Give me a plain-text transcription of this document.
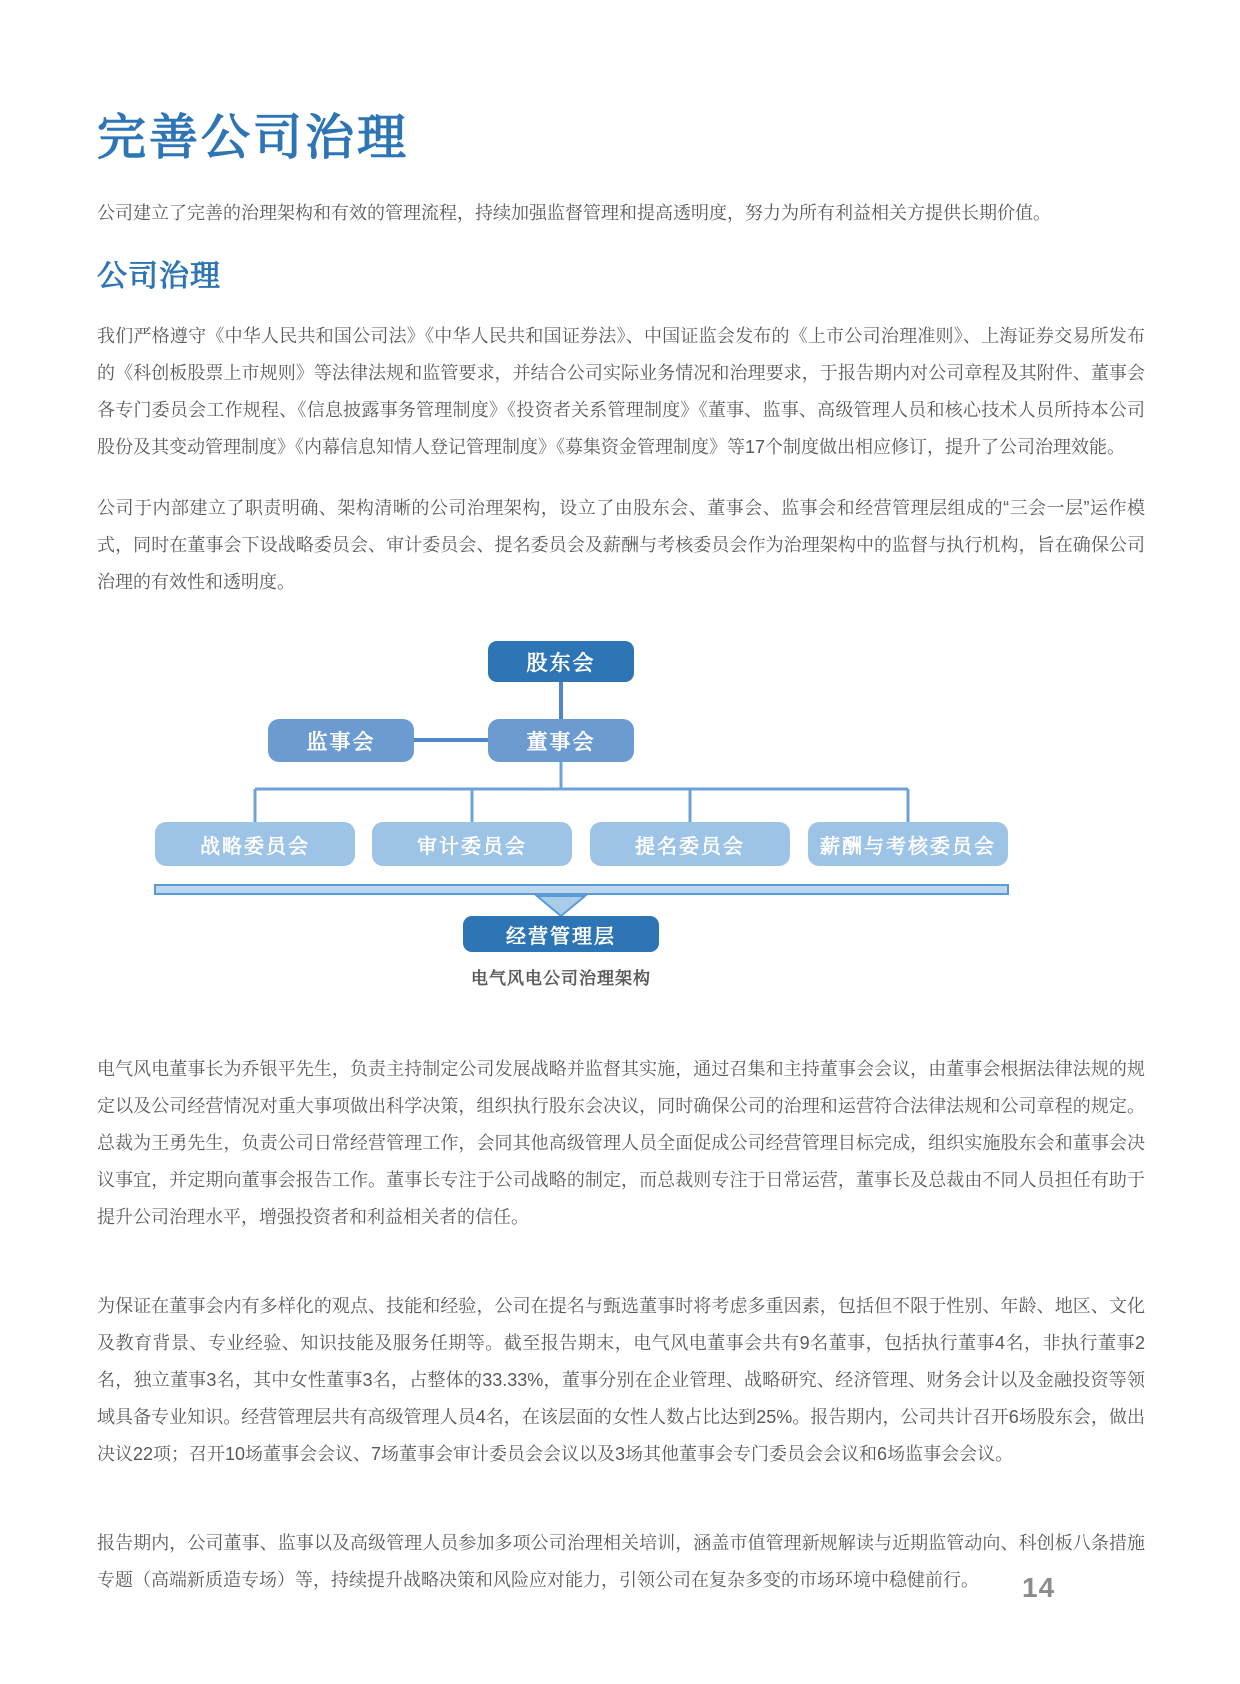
完善公司治理

公司建立了完善的治理架构和有效的管理流程，持续加强监督管理和提高透明度，努力为所有利益相关方提供长期价值。

公司治理

我们严格遵守《中华人民共和国公司法》《中华人民共和国证券法》、中国证监会发布的《上市公司治理准则》、上海证券交易所发布的《科创板股票上市规则》等法律法规和监管要求，并结合公司实际业务情况和治理要求，于报告期内对公司章程及其附件、董事会各专门委员会工作规程、《信息披露事务管理制度》《投资者关系管理制度》《董事、监事、高级管理人员和核心技术人员所持本公司股份及其变动管理制度》《内幕信息知情人登记管理制度》《募集资金管理制度》等17个制度做出相应修订，提升了公司治理效能。

公司于内部建立了职责明确、架构清晰的公司治理架构，设立了由股东会、董事会、监事会和经营管理层组成的“三会一层”运作模式，同时在董事会下设战略委员会、审计委员会、提名委员会及薪酬与考核委员会作为治理架构中的监督与执行机构，旨在确保公司治理的有效性和透明度。

股东会
监事会	董事会
战略委员会	审计委员会	提名委员会	薪酬与考核委员会
经营管理层
电气风电公司治理架构

电气风电董事长为乔银平先生，负责主持制定公司发展战略并监督其实施，通过召集和主持董事会会议，由董事会根据法律法规的规定以及公司经营情况对重大事项做出科学决策，组织执行股东会决议，同时确保公司的治理和运营符合法律法规和公司章程的规定。总裁为王勇先生，负责公司日常经营管理工作，会同其他高级管理人员全面促成公司经营管理目标完成，组织实施股东会和董事会决议事宜，并定期向董事会报告工作。董事长专注于公司战略的制定，而总裁则专注于日常运营，董事长及总裁由不同人员担任有助于提升公司治理水平，增强投资者和利益相关者的信任。

为保证在董事会内有多样化的观点、技能和经验，公司在提名与甄选董事时将考虑多重因素，包括但不限于性别、年龄、地区、文化及教育背景、专业经验、知识技能及服务任期等。截至报告期末，电气风电董事会共有9名董事，包括执行董事4名，非执行董事2名，独立董事3名，其中女性董事3名，占整体的33.33%，董事分别在企业管理、战略研究、经济管理、财务会计以及金融投资等领域具备专业知识。经营管理层共有高级管理人员4名，在该层面的女性人数占比达到25%。报告期内，公司共计召开6场股东会，做出决议22项；召开10场董事会会议、7场董事会审计委员会会议以及3场其他董事会专门委员会会议和6场监事会会议。

报告期内，公司董事、监事以及高级管理人员参加多项公司治理相关培训，涵盖市值管理新规解读与近期监管动向、科创板八条措施专题（高端新质造专场）等，持续提升战略决策和风险应对能力，引领公司在复杂多变的市场环境中稳健前行。	14
